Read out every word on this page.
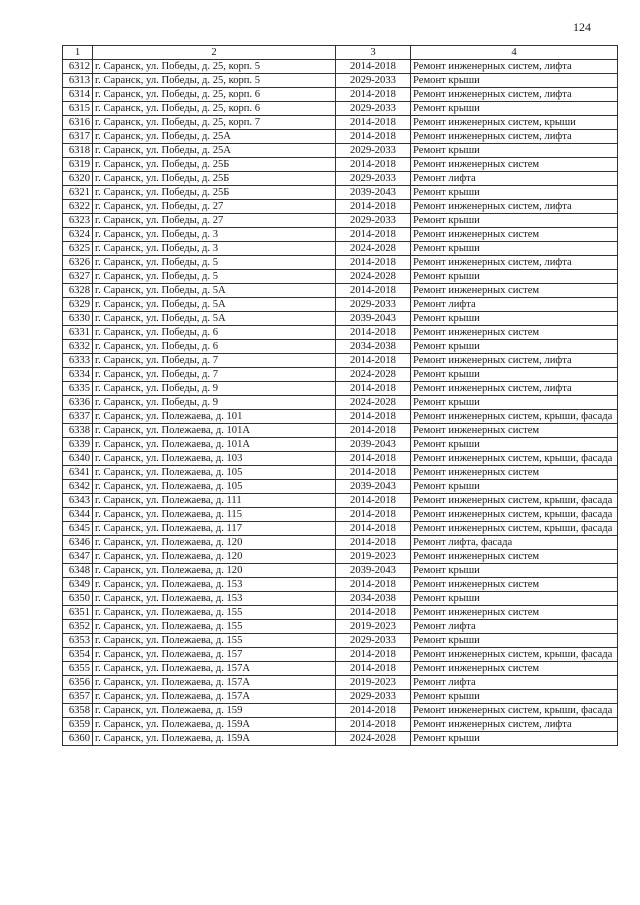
124
1	2	3	4
6312	г. Саранск, ул. Победы, д. 25, корп. 5	2014-2018	Ремонт инженерных систем, лифта
6313	г. Саранск, ул. Победы, д. 25, корп. 5	2029-2033	Ремонт крыши
6314	г. Саранск, ул. Победы, д. 25, корп. 6	2014-2018	Ремонт инженерных систем, лифта
6315	г. Саранск, ул. Победы, д. 25, корп. 6	2029-2033	Ремонт крыши
6316	г. Саранск, ул. Победы, д. 25, корп. 7	2014-2018	Ремонт инженерных систем, крыши
6317	г. Саранск, ул. Победы, д. 25А	2014-2018	Ремонт инженерных систем, лифта
6318	г. Саранск, ул. Победы, д. 25А	2029-2033	Ремонт крыши
6319	г. Саранск, ул. Победы, д. 25Б	2014-2018	Ремонт инженерных систем
6320	г. Саранск, ул. Победы, д. 25Б	2029-2033	Ремонт лифта
6321	г. Саранск, ул. Победы, д. 25Б	2039-2043	Ремонт крыши
6322	г. Саранск, ул. Победы, д. 27	2014-2018	Ремонт инженерных систем, лифта
6323	г. Саранск, ул. Победы, д. 27	2029-2033	Ремонт крыши
6324	г. Саранск, ул. Победы, д. 3	2014-2018	Ремонт инженерных систем
6325	г. Саранск, ул. Победы, д. 3	2024-2028	Ремонт крыши
6326	г. Саранск, ул. Победы, д. 5	2014-2018	Ремонт инженерных систем, лифта
6327	г. Саранск, ул. Победы, д. 5	2024-2028	Ремонт крыши
6328	г. Саранск, ул. Победы, д. 5А	2014-2018	Ремонт инженерных систем
6329	г. Саранск, ул. Победы, д. 5А	2029-2033	Ремонт лифта
6330	г. Саранск, ул. Победы, д. 5А	2039-2043	Ремонт крыши
6331	г. Саранск, ул. Победы, д. 6	2014-2018	Ремонт инженерных систем
6332	г. Саранск, ул. Победы, д. 6	2034-2038	Ремонт крыши
6333	г. Саранск, ул. Победы, д. 7	2014-2018	Ремонт инженерных систем, лифта
6334	г. Саранск, ул. Победы, д. 7	2024-2028	Ремонт крыши
6335	г. Саранск, ул. Победы, д. 9	2014-2018	Ремонт инженерных систем, лифта
6336	г. Саранск, ул. Победы, д. 9	2024-2028	Ремонт крыши
6337	г. Саранск, ул. Полежаева, д. 101	2014-2018	Ремонт инженерных систем, крыши, фасада
6338	г. Саранск, ул. Полежаева, д. 101А	2014-2018	Ремонт инженерных систем
6339	г. Саранск, ул. Полежаева, д. 101А	2039-2043	Ремонт крыши
6340	г. Саранск, ул. Полежаева, д. 103	2014-2018	Ремонт инженерных систем, крыши, фасада
6341	г. Саранск, ул. Полежаева, д. 105	2014-2018	Ремонт инженерных систем
6342	г. Саранск, ул. Полежаева, д. 105	2039-2043	Ремонт крыши
6343	г. Саранск, ул. Полежаева, д. 111	2014-2018	Ремонт инженерных систем, крыши, фасада
6344	г. Саранск, ул. Полежаева, д. 115	2014-2018	Ремонт инженерных систем, крыши, фасада
6345	г. Саранск, ул. Полежаева, д. 117	2014-2018	Ремонт инженерных систем, крыши, фасада
6346	г. Саранск, ул. Полежаева, д. 120	2014-2018	Ремонт лифта, фасада
6347	г. Саранск, ул. Полежаева, д. 120	2019-2023	Ремонт инженерных систем
6348	г. Саранск, ул. Полежаева, д. 120	2039-2043	Ремонт крыши
6349	г. Саранск, ул. Полежаева, д. 153	2014-2018	Ремонт инженерных систем
6350	г. Саранск, ул. Полежаева, д. 153	2034-2038	Ремонт крыши
6351	г. Саранск, ул. Полежаева, д. 155	2014-2018	Ремонт инженерных систем
6352	г. Саранск, ул. Полежаева, д. 155	2019-2023	Ремонт лифта
6353	г. Саранск, ул. Полежаева, д. 155	2029-2033	Ремонт крыши
6354	г. Саранск, ул. Полежаева, д. 157	2014-2018	Ремонт инженерных систем, крыши, фасада
6355	г. Саранск, ул. Полежаева, д. 157А	2014-2018	Ремонт инженерных систем
6356	г. Саранск, ул. Полежаева, д. 157А	2019-2023	Ремонт лифта
6357	г. Саранск, ул. Полежаева, д. 157А	2029-2033	Ремонт крыши
6358	г. Саранск, ул. Полежаева, д. 159	2014-2018	Ремонт инженерных систем, крыши, фасада
6359	г. Саранск, ул. Полежаева, д. 159А	2014-2018	Ремонт инженерных систем, лифта
6360	г. Саранск, ул. Полежаева, д. 159А	2024-2028	Ремонт крыши
